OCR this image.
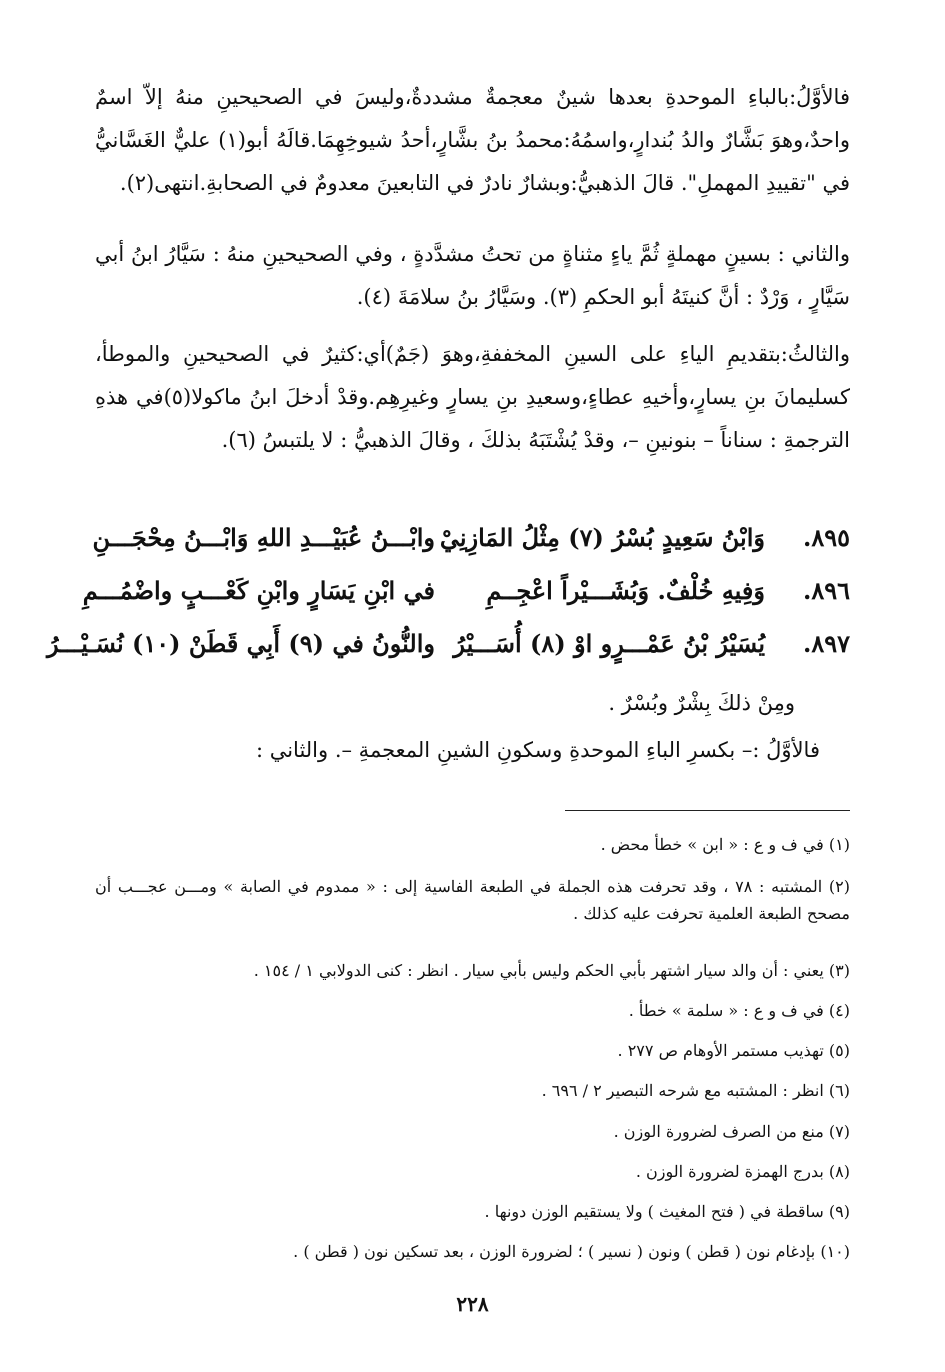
فالأوَّلُ:بالباءِ الموحدةِ بعدها شينٌ معجمةٌ مشددةٌ،وليسَ في الصحيحينِ منهُ إلاّ اسمٌ واحدٌ،وهوَ بَشَّارٌ والدُ بُندارٍ،واسمُهُ:محمدُ بنُ بشَّارٍ،أحدُ شيوخِهِمَا.قالَهُ أبو(١) عليٌّ الغَسَّانيُّ في "تقييدِ المهملِ". قالَ الذهبيُّ:وبشارٌ نادرٌ في التابعينَ معدومٌ في الصحابةِ.انتهى(٢).

والثاني : بسينٍ مهملةٍ ثُمَّ ياءٍ مثناةٍ من تحتُ مشدَّدةٍ ، وفي الصحيحينِ منهُ : سَيَّارُ ابنُ أبي سَيَّارٍ ، وَرْدٌ : أنَّ كنيتَهُ أبو الحكمِ (٣). وسَيَّارُ بنُ سلامَةَ (٤).

والثالثُ:بتقديمِ الياءِ على السينِ المخففةِ،وهوَ (جَمٌ)أي:كثيرٌ في الصحيحينِ والموطأ، كسليمانَ بنِ يسارٍ،وأخيهِ عطاءٍ،وسعيدِ بنِ يسارٍ وغيرِهِم.وقدْ أدخلَ ابنُ ماكولا(٥)في هذهِ الترجمةِ : سناناً – بنونينِ –، وقدْ يُشْتَبَهُ بذلكَ ، وقالَ الذهبيُّ : لا يلتبسُ (٦).

٨٩٥.
وَابْنُ سَعِيدٍ بُسْرُ (٧) مِثْلُ المَازِنِيْ
وابْـــنُ عُبَيْـــدِ اللهِ وَابْـــنُ مِحْجَـــنِ
٨٩٦.
وَفِيهِ خُلْفٌ. وَبُشَـــيْراً اعْجِــمِ
في ابْنِ يَسَارٍ وابْنِ كَعْـــبٍ واضْمُـــمِ
٨٩٧.
يُسَيْرُ بْنُ عَمْـــرٍو اوْ (٨) أُسَـــيْرُ
والنُّونُ في (٩) أَبِي قَطَنْ (١٠) نُسَـيْـــرُ
ومِنْ ذلكَ بِشْرٌ وبُسْرٌ .
فالأوَّلُ :– بكسرِ الباءِ الموحدةِ وسكونِ الشينِ المعجمةِ –. والثاني :

(١) في ف و ع : « ابن » خطأ محض .

(٢) المشتبه : ٧٨ ، وقد تحرفت هذه الجملة في الطبعة الفاسية إلى : « ممدوم في الصابة » ومـــن عجـــب أن مصحح الطبعة العلمية تحرفت عليه كذلك .

(٣) يعني : أن والد سيار اشتهر بأبي الحكم وليس بأبي سيار . انظر : كنى الدولابي ١ / ١٥٤ .

(٤) في ف و ع : « سلمة » خطأ .

(٥) تهذيب مستمر الأوهام ص ٢٧٧ .

(٦) انظر : المشتبه مع شرحه التبصير ٢ / ٦٩٦ .

(٧) منع من الصرف لضرورة الوزن .

(٨) بدرج الهمزة لضرورة الوزن .

(٩) ساقطة في ( فتح المغيث ) ولا يستقيم الوزن دونها .

(١٠) بإدغام نون ( قطن ) ونون ( نسير ) ؛ لضرورة الوزن ، بعد تسكين نون ( قطن ) .

٢٢٨
